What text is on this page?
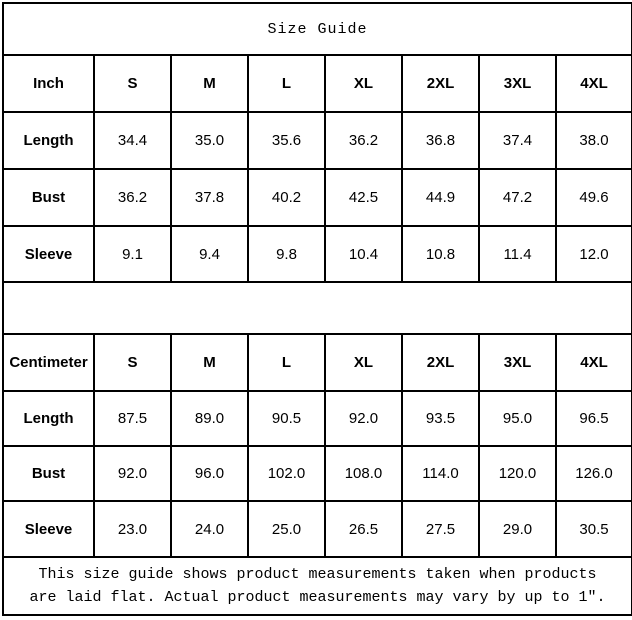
Size Guide							
Inch	S	M	L	XL	2XL	3XL	4XL
Length	34.4	35.0	35.6	36.2	36.8	37.4	38.0
Bust	36.2	37.8	40.2	42.5	44.9	47.2	49.6
Sleeve	9.1	9.4	9.8	10.4	10.8	11.4	12.0

Centimeter	S	M	L	XL	2XL	3XL	4XL
Length	87.5	89.0	90.5	92.0	93.5	95.0	96.5
Bust	92.0	96.0	102.0	108.0	114.0	120.0	126.0
Sleeve	23.0	24.0	25.0	26.5	27.5	29.0	30.5

This size guide shows product measurements taken when products
are laid flat. Actual product measurements may vary by up to 1″.							
